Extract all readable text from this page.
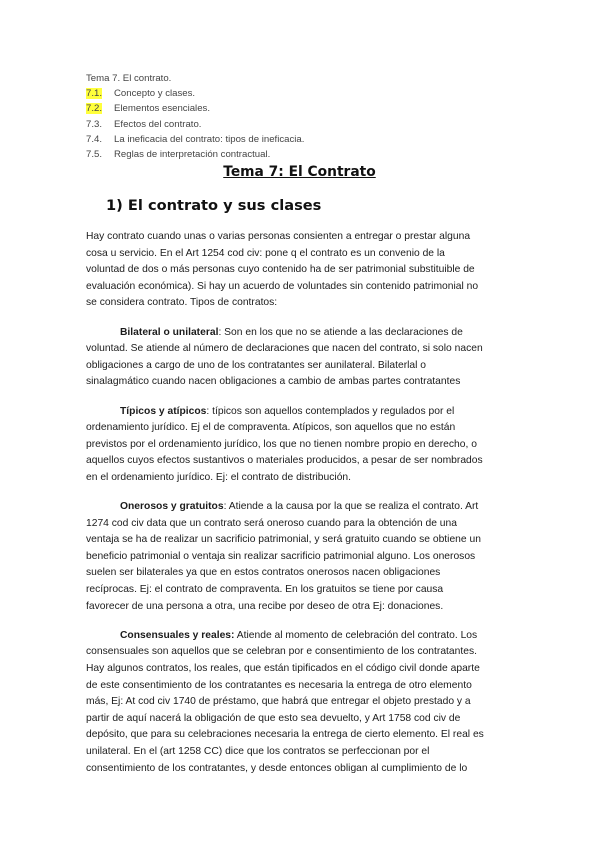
Tema 7. El contrato.
7.1.	Concepto y clases.
7.2.	Elementos esenciales.
7.3.	Efectos del contrato.
7.4.	La ineficacia del contrato: tipos de ineficacia.
7.5.	Reglas de interpretación contractual.
Tema 7: El Contrato
1) El contrato y sus clases
Hay contrato cuando unas o varias personas consienten a entregar o prestar alguna
cosa u servicio. En el Art 1254 cod civ: pone q el contrato es un convenio de la
voluntad de dos o más personas cuyo contenido ha de ser patrimonial substituible de
evaluación económica). Si hay un acuerdo de voluntades sin contenido patrimonial no
se considera contrato. Tipos de contratos:
Bilateral o unilateral: Son en los que no se atiende a las declaraciones de
voluntad. Se atiende al número de declaraciones que nacen del contrato, si solo nacen
obligaciones a cargo de uno de los contratantes ser aunilateral. Bilaterlal o
sinalagmático cuando nacen obligaciones a cambio de ambas partes contratantes
Típicos y atípicos: típicos son aquellos contemplados y regulados por el
ordenamiento jurídico. Ej el de compraventa. Atípicos, son aquellos que no están
previstos por el ordenamiento jurídico, los que no tienen nombre propio en derecho, o
aquellos cuyos efectos sustantivos o materiales producidos, a pesar de ser nombrados
en el ordenamiento jurídico. Ej: el contrato de distribución.
Onerosos y gratuitos: Atiende a la causa por la que se realiza el contrato. Art
1274 cod civ data que un contrato será oneroso cuando para la obtención de una
ventaja se ha de realizar un sacrificio patrimonial, y será gratuito cuando se obtiene un
beneficio patrimonial o ventaja sin realizar sacrificio patrimonial alguno. Los onerosos
suelen ser bilaterales ya que en estos contratos onerosos nacen obligaciones
recíprocas. Ej: el contrato de compraventa. En los gratuitos se tiene por causa
favorecer de una persona a otra, una recibe por deseo de otra Ej: donaciones.
Consensuales y reales: Atiende al momento de celebración del contrato. Los
consensuales son aquellos que se celebran por e consentimiento de los contratantes.
Hay algunos contratos, los reales, que están tipificados en el código civil donde aparte
de este consentimiento de los contratantes es necesaria la entrega de otro elemento
más, Ej: At cod civ 1740 de préstamo, que habrá que entregar el objeto prestado y a
partir de aquí nacerá la obligación de que esto sea devuelto, y Art 1758 cod civ de
depósito, que para su celebraciones necesaria la entrega de cierto elemento. El real es
unilateral. En el (art 1258 CC) dice que los contratos se perfeccionan por el
consentimiento de los contratantes, y desde entonces obligan al cumplimiento de lo
